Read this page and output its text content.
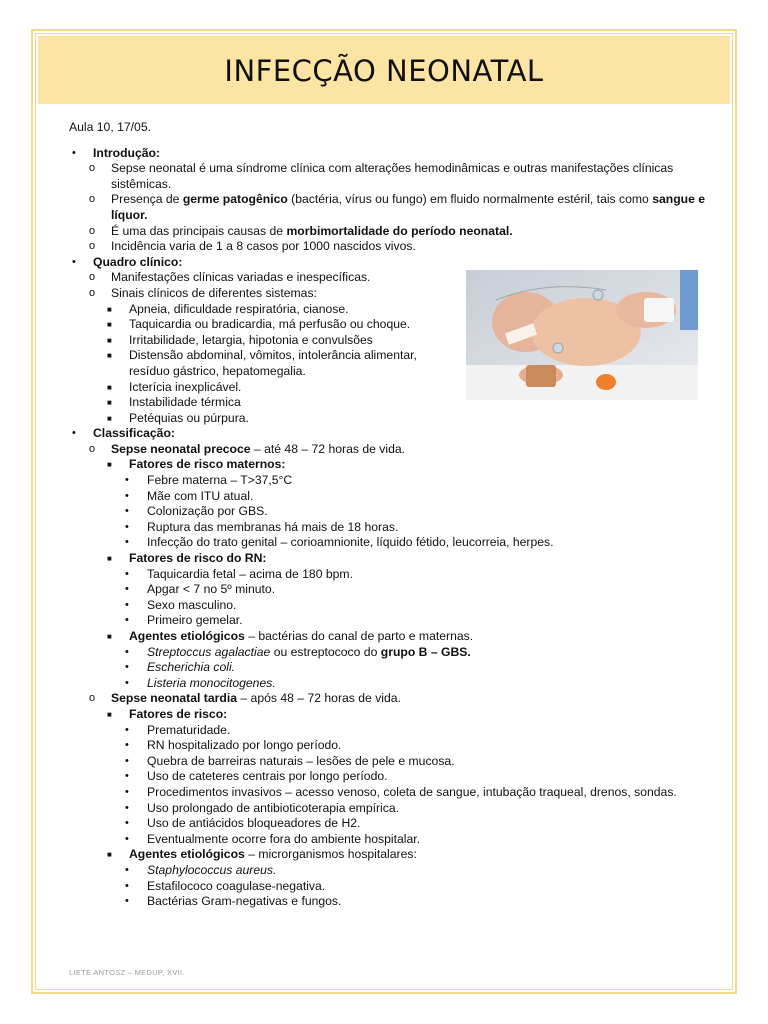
INFECÇÃO NEONATAL
Aula 10, 17/05.
• Introdução:
o Sepse neonatal é uma síndrome clínica com alterações hemodinâmicas e outras manifestações clínicas sistêmicas.
o Presença de germe patogênico (bactéria, vírus ou fungo) em fluido normalmente estéril, tais como sangue e líquor.
o É uma das principais causas de morbimortalidade do período neonatal.
o Incidência varia de 1 a 8 casos por 1000 nascidos vivos.
• Quadro clínico:
o Manifestações clínicas variadas e inespecíficas.
o Sinais clínicos de diferentes sistemas:
■ Apneia, dificuldade respiratória, cianose.
■ Taquicardia ou bradicardia, má perfusão ou choque.
■ Irritabilidade, letargia, hipotonia e convulsões
■ Distensão abdominal, vômitos, intolerância alimentar,
resíduo gástrico, hepatomegalia.
■ Icterícia inexplicável.
■ Instabilidade térmica
■ Petéquias ou púrpura.
• Classificação:
o Sepse neonatal precoce – até 48 – 72 horas de vida.
■ Fatores de risco maternos:
• Febre materna – T>37,5°C
• Mãe com ITU atual.
• Colonização por GBS.
• Ruptura das membranas há mais de 18 horas.
• Infecção do trato genital – corioamnionite, líquido fétido, leucorreia, herpes.
■ Fatores de risco do RN:
• Taquicardia fetal – acima de 180 bpm.
• Apgar < 7 no 5º minuto.
• Sexo masculino.
• Primeiro gemelar.
■ Agentes etiológicos – bactérias do canal de parto e maternas.
• Streptoccus agalactiae ou estreptococo do grupo B – GBS.
• Escherichia coli.
• Listeria monocitogenes.
o Sepse neonatal tardia – após 48 – 72 horas de vida.
■ Fatores de risco:
• Prematuridade.
• RN hospitalizado por longo período.
• Quebra de barreiras naturais – lesões de pele e mucosa.
• Uso de cateteres centrais por longo período.
• Procedimentos invasivos – acesso venoso, coleta de sangue, intubação traqueal, drenos, sondas.
• Uso prolongado de antibioticoterapia empírica.
• Uso de antiácidos bloqueadores de H2.
• Eventualmente ocorre fora do ambiente hospitalar.
■ Agentes etiológicos – microrganismos hospitalares:
• Staphylococcus aureus.
• Estafilococo coagulase-negativa.
• Bactérias Gram-negativas e fungos.
LIETE ANTOSZ – MEDUP, XVII.
